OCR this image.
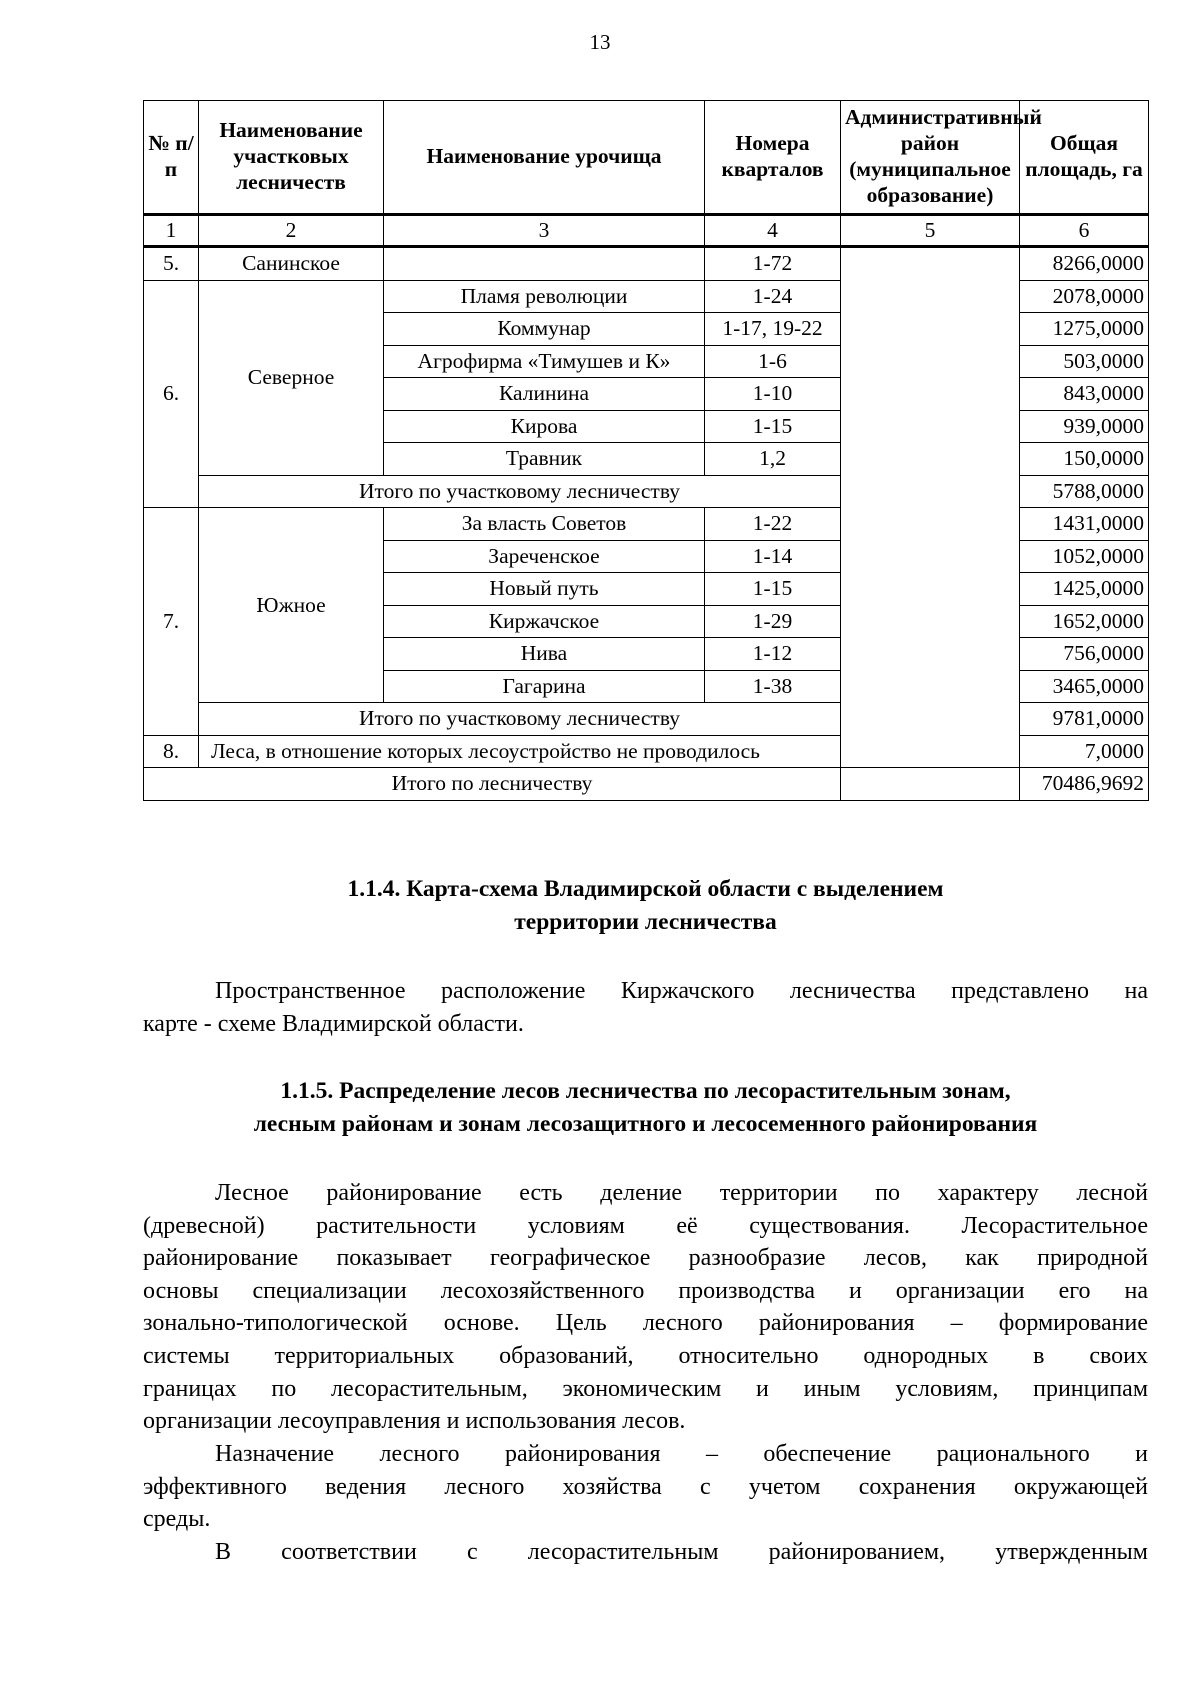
13
№ п/п	Наименование участковых лесничеств	Наименование урочища	Номера кварталов	Административный район (муниципальное образование)	Общая площадь, га
1	2	3	4	5	6
5.	Санинское		1-72		8266,0000
6.	Северное	Пламя революции	1-24		2078,0000
		Коммунар	1-17, 19-22		1275,0000
		Агрофирма «Тимушев и К»	1-6		503,0000
		Калинина	1-10		843,0000
		Кирова	1-15		939,0000
		Травник	1,2		150,0000
	Итого по участковому лесничеству				5788,0000
7.	Южное	За власть Советов	1-22		1431,0000
		Зареченское	1-14		1052,0000
		Новый путь	1-15		1425,0000
		Киржачское	1-29		1652,0000
		Нива	1-12		756,0000
		Гагарина	1-38		3465,0000
	Итого по участковому лесничеству				9781,0000
8.	Леса, в отношение которых лесоустройство не проводилось				7,0000
Итого по лесничеству					70486,9692
1.1.4. Карта-схема Владимирской области с выделением
территории лесничества
Пространственное расположение Киржачского лесничества представлено на
карте - схеме Владимирской области.
1.1.5. Распределение лесов лесничества по лесорастительным зонам,
лесным районам и зонам лесозащитного и лесосеменного районирования
Лесное районирование есть деление территории по характеру лесной
(древесной) растительности условиям её существования. Лесорастительное
районирование показывает географическое разнообразие лесов, как природной
основы специализации лесохозяйственного производства и организации его на
зонально-типологической основе. Цель лесного районирования – формирование
системы территориальных образований, относительно однородных в своих
границах по лесорастительным, экономическим и иным условиям, принципам
организации лесоуправления и использования лесов.
Назначение лесного районирования – обеспечение рационального и
эффективного ведения лесного хозяйства с учетом сохранения окружающей
среды.
В соответствии с лесорастительным районированием, утвержденным
